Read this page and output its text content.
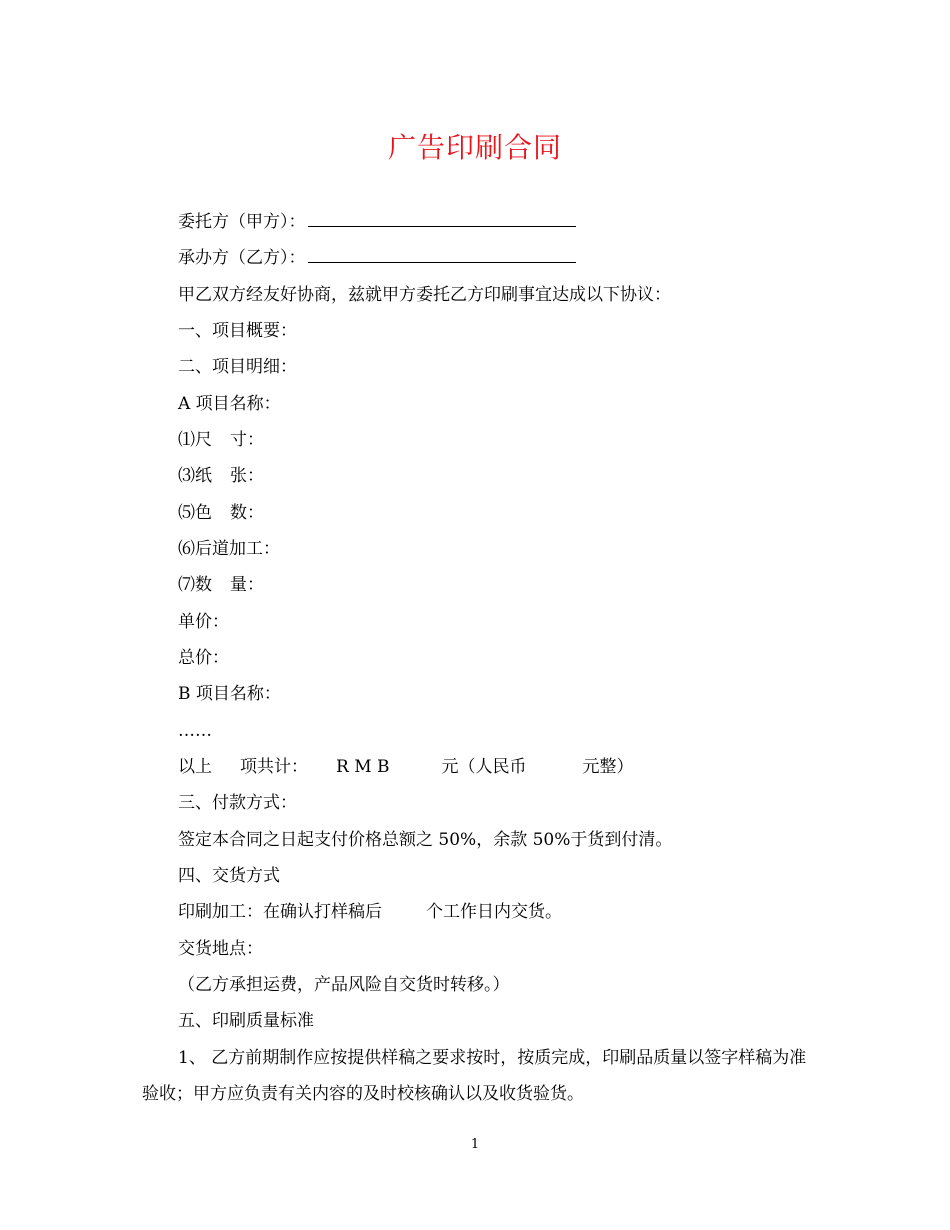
广告印刷合同
委托方（甲方）：
承办方（乙方）：
甲乙双方经友好协商，兹就甲方委托乙方印刷事宜达成以下协议：
一、项目概要：
二、项目明细：
A 项目名称：
⑴尺 寸：
⑶纸 张：
⑸色 数：
⑹后道加工：
⑺数 量：
单价：
总价：
B 项目名称：
……
以上 项共计： R M B	元（人民币	元整）
三、付款方式：
签定本合同之日起支付价格总额之 50%，余款 50%于货到付清。
四、交货方式
印刷加工：在确认打样稿后	个工作日内交货。
交货地点：
（乙方承担运费，产品风险自交货时转移。）
五、印刷质量标准
1、 乙方前期制作应按提供样稿之要求按时，按质完成，印刷品质量以签字样稿为准验收；甲方应负责有关内容的及时校核确认以及收货验货。
1
